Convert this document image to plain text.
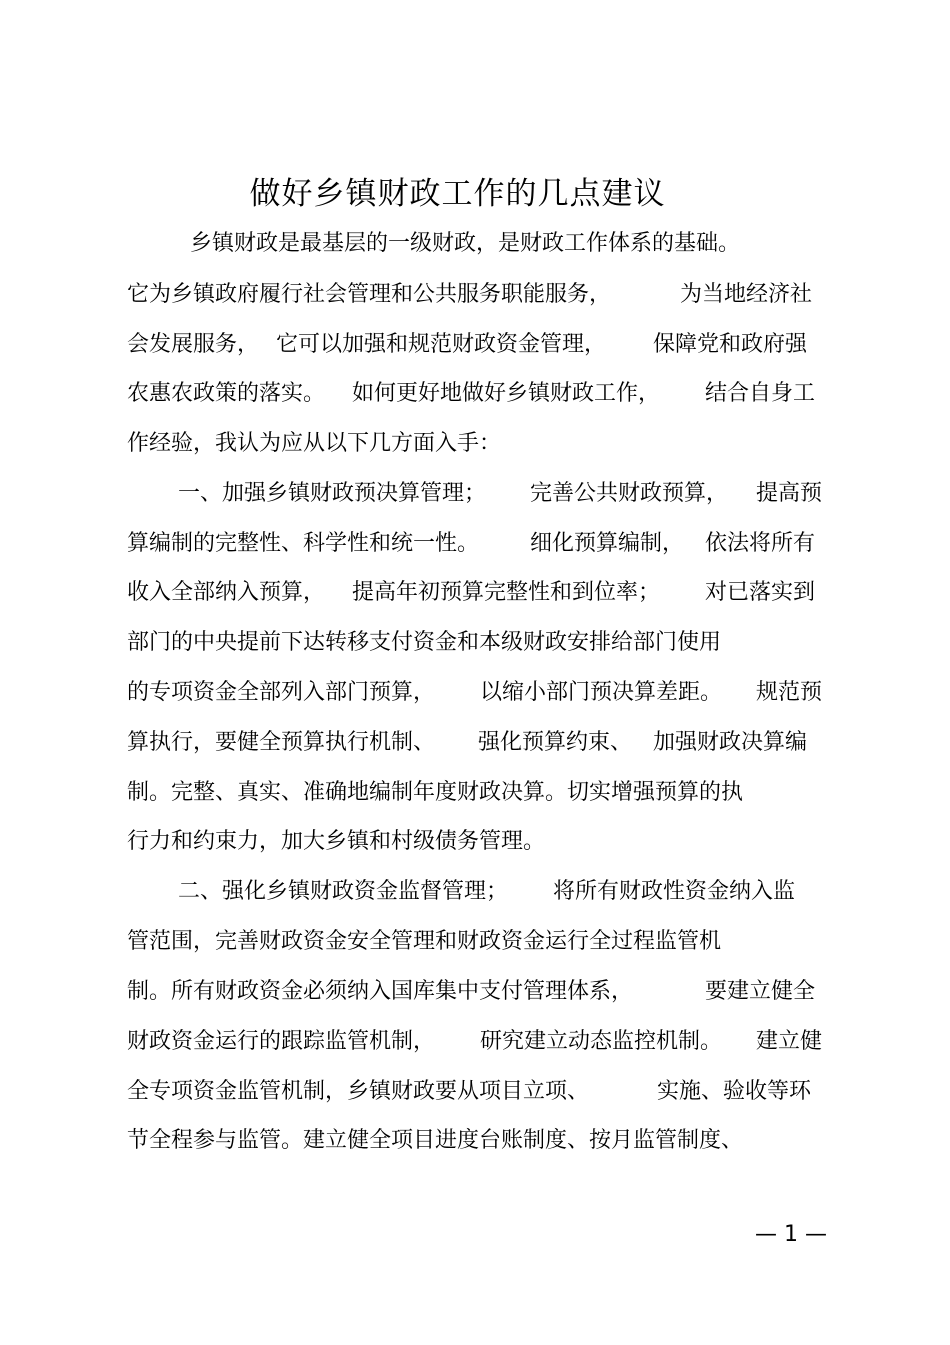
做好乡镇财政工作的几点建议
乡镇财政是最基层的一级财政，是财政工作体系的基础。
它为乡镇政府履行社会管理和公共服务职能服务，	为当地经济社
会发展服务， 它可以加强和规范财政资金管理， 保障党和政府强
农惠农政策的落实。 如何更好地做好乡镇财政工作， 结合自身工
作经验，我认为应从以下几方面入手：
一、加强乡镇财政预决算管理； 完善公共财政预算， 提高预
算编制的完整性、科学性和统一性。 细化预算编制， 依法将所有
收入全部纳入预算， 提高年初预算完整性和到位率； 对已落实到
部门的中央提前下达转移支付资金和本级财政安排给部门使用
的专项资金全部列入部门预算， 以缩小部门预决算差距。 规范预
算执行，要健全预算执行机制、 强化预算约束、 加强财政决算编
制。完整、真实、准确地编制年度财政决算。切实增强预算的执
行力和约束力，加大乡镇和村级债务管理。
二、强化乡镇财政资金监督管理； 将所有财政性资金纳入监
管范围，完善财政资金安全管理和财政资金运行全过程监管机
制。所有财政资金必须纳入国库集中支付管理体系，	要建立健全
财政资金运行的跟踪监管机制， 研究建立动态监控机制。 建立健
全专项资金监管机制，乡镇财政要从项目立项、	实施、验收等环
节全程参与监管。建立健全项目进度台账制度、按月监管制度、
— 1 —
